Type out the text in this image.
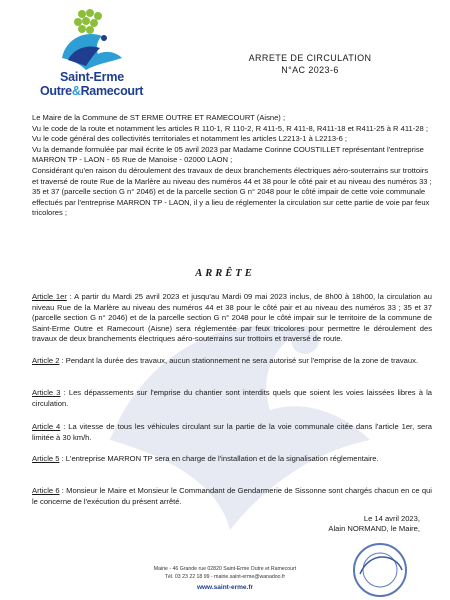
Saint-Erme
Outre&Ramecourt
ARRETE DE CIRCULATION
N°AC 2023-6

Le Maire de la Commune de ST ERME OUTRE ET RAMECOURT (Aisne) ;

Vu le code de la route et notamment les articles R 110-1, R 110-2, R 411-5, R 411-8, R411-18 et R411-25 à R 411-28 ;

Vu le code général des collectivités territoriales et notamment les articles L2213-1 à L2213-6 ;

Vu la demande formulée par mail écrite le 05 avril 2023 par Madame Corinne COUSTILLET représentant l'entreprise MARRON TP - LAON - 65 Rue de Manoise - 02000 LAON ;

Considérant qu'en raison du déroulement des travaux de deux branchements électriques aéro-souterrains sur trottoirs et traversé de route Rue de la Marlère au niveau des numéros 44 et 38 pour le côté pair et au niveau des numéros 33 ; 35 et 37 (parcelle section G n° 2046) et de la parcelle section G n° 2048 pour le côté impair de cette voie communale effectués par l'entreprise MARRON TP - LAON, il y a lieu de réglementer la circulation sur cette partie de voie par feux tricolores ;

ARRÊTE

Article 1er : A partir du Mardi 25 avril 2023 et jusqu'au Mardi 09 mai 2023 inclus, de 8h00 à 18h00, la circulation au niveau Rue de la Marlère au niveau des numéros 44 et 38 pour le côté pair et au niveau des numéros 33 ; 35 et 37 (parcelle section G n° 2046) et de la parcelle section G n° 2048 pour le côté impair sur le territoire de la commune de Saint-Erme Outre et Ramecourt (Aisne) sera réglementée par feux tricolores pour permettre le déroulement des travaux de deux branchements électriques aéro-souterrains sur trottoirs et traversé de route.

Article 2 : Pendant la durée des travaux, aucun stationnement ne sera autorisé sur l'emprise de la zone de travaux.

Article 3 : Les dépassements sur l'emprise du chantier sont interdits quels que soient les voies laissées libres à la circulation.

Article 4 : La vitesse de tous les véhicules circulant sur la partie de la voie communale citée dans l'article 1er, sera limitée à 30 km/h.

Article 5 : L'entreprise MARRON TP sera en charge de l'installation et de la signalisation réglementaire.

Article 6 : Monsieur le Maire et Monsieur le Commandant de Gendarmerie de Sissonne sont chargés chacun en ce qui le concerne de l'exécution du présent arrêté.

Le 14 avril 2023,

Alain NORMAND, le Maire,

Mairie - 46 Grande rue 02820 Saint-Erme Outre et Ramecourt

Tél. 03 23 22 18 99 - mairie.saint-erme@wanadoo.fr

www.saint-erme.fr
